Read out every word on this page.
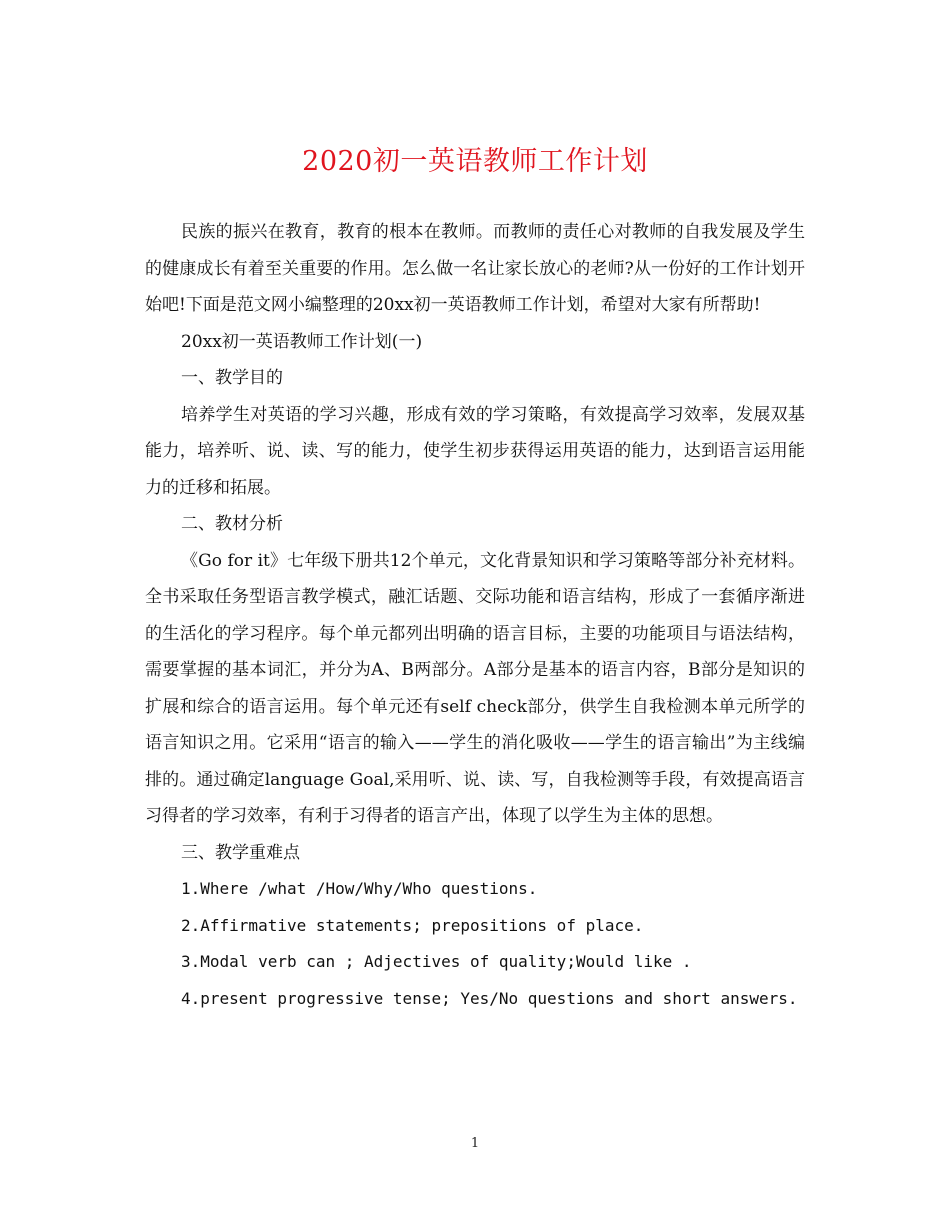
2020初一英语教师工作计划

民族的振兴在教育，教育的根本在教师。而教师的责任心对教师的自我发展及学生的健康成长有着至关重要的作用。怎么做一名让家长放心的老师?从一份好的工作计划开始吧!下面是范文网小编整理的20xx初一英语教师工作计划，希望对大家有所帮助!

20xx初一英语教师工作计划(一)

一、教学目的

培养学生对英语的学习兴趣，形成有效的学习策略，有效提高学习效率，发展双基能力，培养听、说、读、写的能力，使学生初步获得运用英语的能力，达到语言运用能力的迁移和拓展。

二、教材分析

《Go for it》七年级下册共12个单元，文化背景知识和学习策略等部分补充材料。全书采取任务型语言教学模式，融汇话题、交际功能和语言结构，形成了一套循序渐进的生活化的学习程序。每个单元都列出明确的语言目标，主要的功能项目与语法结构，需要掌握的基本词汇，并分为A、B两部分。A部分是基本的语言内容，B部分是知识的扩展和综合的语言运用。每个单元还有self check部分，供学生自我检测本单元所学的语言知识之用。它采用“语言的输入——学生的消化吸收——学生的语言输出”为主线编排的。通过确定language Goal,采用听、说、读、写，自我检测等手段，有效提高语言习得者的学习效率，有利于习得者的语言产出，体现了以学生为主体的思想。

三、教学重难点

1.Where /what /How/Why/Who questions.

2.Affirmative statements; prepositions of place.

3.Modal verb can ; Adjectives of quality;Would like .

4.present progressive tense; Yes/No questions and short answers.

1
